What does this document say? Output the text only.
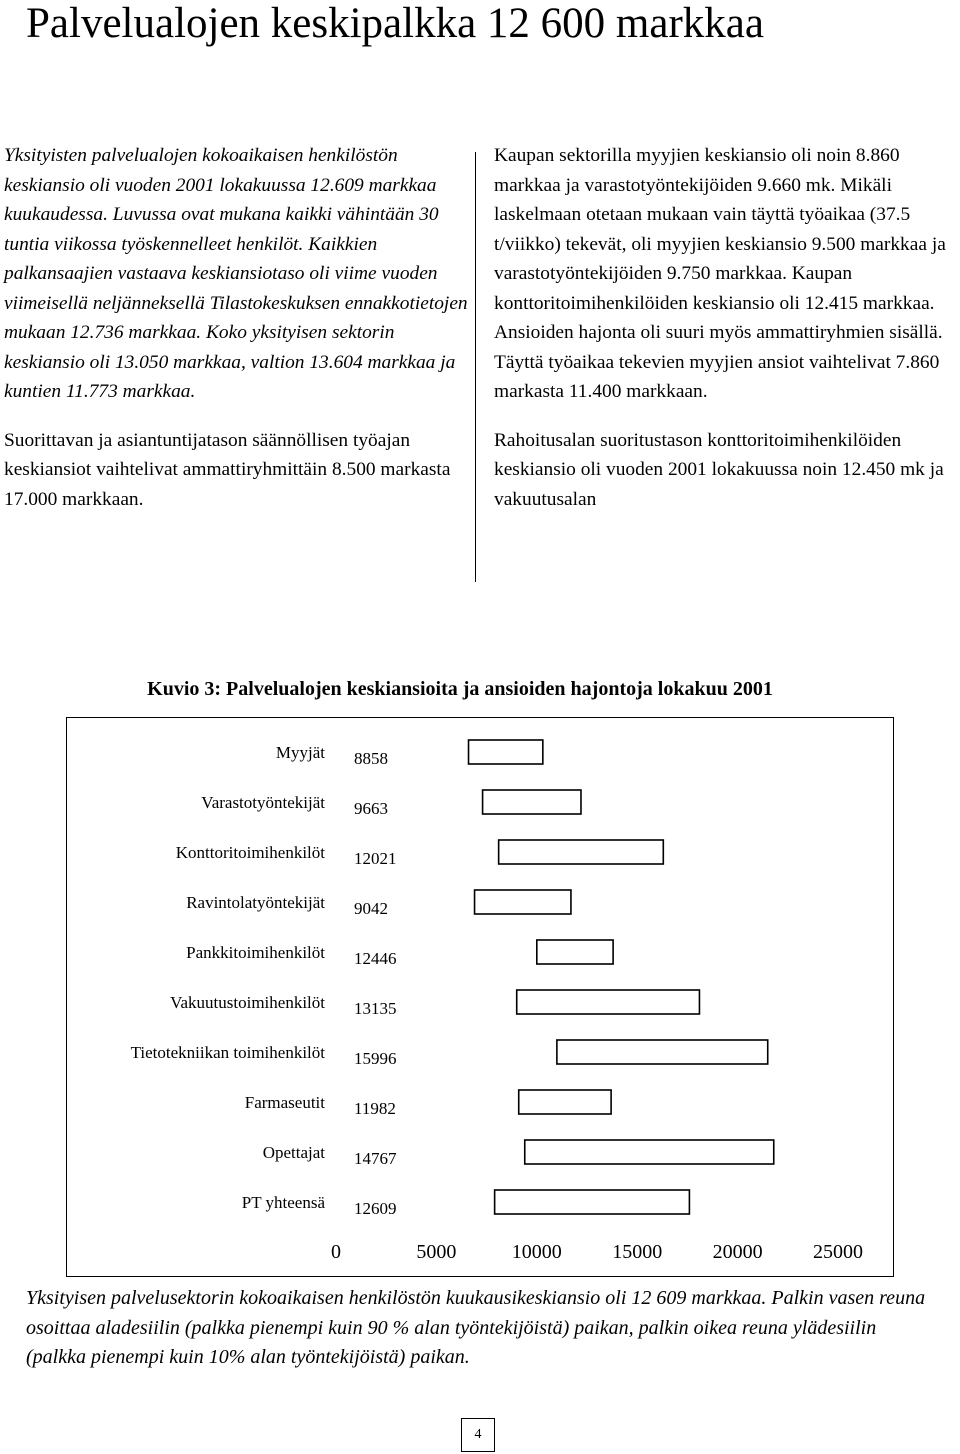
Palvelualojen keskipalkka 12 600 markkaa

Yksityisten palvelualojen kokoaikaisen henkilöstön keskiansio oli vuoden 2001 lokakuussa 12.609 markkaa kuukaudessa. Luvussa ovat mukana kaikki vähintään 30 tuntia viikossa työskennelleet henkilöt. Kaikkien palkansaajien vastaava keskiansiotaso oli viime vuoden viimeisellä neljänneksellä Tilastokeskuksen ennakkotietojen mukaan 12.736 markkaa. Koko yksityisen sektorin keskiansio oli 13.050 markkaa, valtion 13.604 markkaa ja kuntien 11.773 markkaa.

Suorittavan ja asiantuntijatason säännöllisen työajan keskiansiot vaihtelivat ammattiryhmittäin 8.500 markasta 17.000 markkaan.

Kaupan sektorilla myyjien keskiansio oli noin 8.860 markkaa ja varastotyöntekijöiden 9.660 mk. Mikäli laskelmaan otetaan mukaan vain täyttä työaikaa (37.5 t/viikko) tekevät, oli myyjien keskiansio 9.500 markkaa ja varastotyöntekijöiden 9.750 markkaa. Kaupan konttoritoimihenkilöiden keskiansio oli 12.415 markkaa. Ansioiden hajonta oli suuri myös ammattiryhmien sisällä. Täyttä työaikaa tekevien myyjien ansiot vaihtelivat 7.860 markasta 11.400 markkaan.

Rahoitusalan suoritustason konttoritoimihenkilöiden keskiansio oli vuoden 2001 lokakuussa noin 12.450 mk ja vakuutusalan

Kuvio 3: Palvelualojen keskiansioita ja ansioiden hajontoja lokakuu 2001
Myyjät 8858
Varastotyöntekijät 9663
Konttoritoimihenkilöt 12021
Ravintolatyöntekijät 9042
Pankkitoimihenkilöt 12446
Vakuutustoimihenkilöt 13135
Tietotekniikan toimihenkilöt 15996
Farmaseutit 11982
Opettajat 14767
PT yhteensä 12609
0	5000	10000	15000	20000	25000

Yksityisen palvelusektorin kokoaikaisen henkilöstön kuukausikeskiansio oli 12 609 markkaa. Palkin vasen reuna osoittaa aladesiilin (palkka pienempi kuin 90 % alan työntekijöistä) paikan, palkin oikea reuna ylädesiilin (palkka pienempi kuin 10% alan työntekijöistä) paikan.

4
